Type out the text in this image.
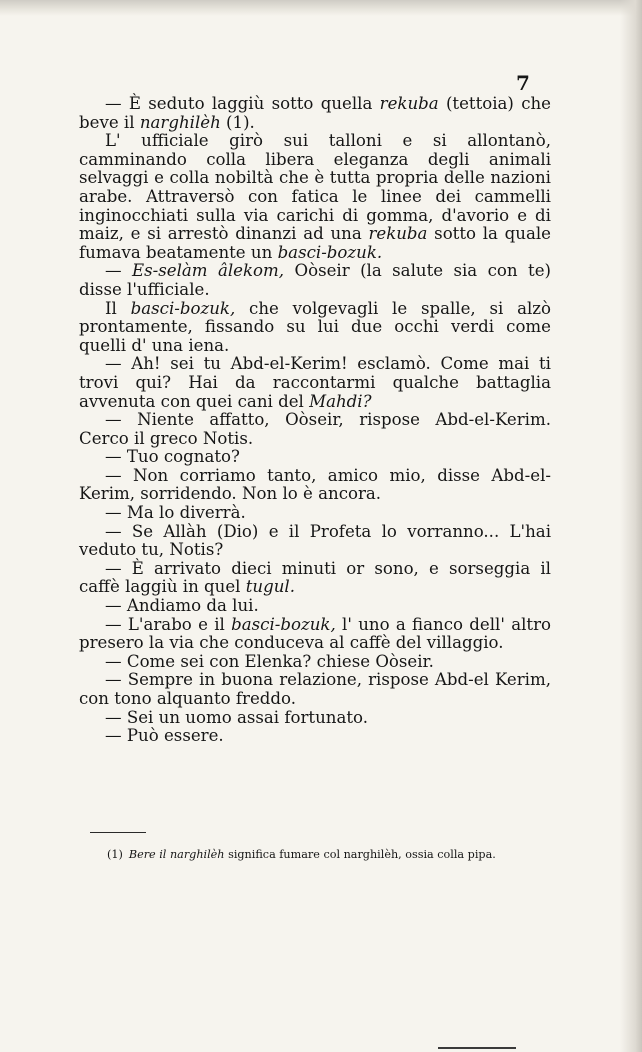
7

— È seduto laggiù sotto quella rekuba (tettoia) che beve il narghilèh (1).

L' ufficiale girò sui talloni e si allontanò, camminando colla libera eleganza degli animali selvaggi e colla nobiltà che è tutta propria delle nazioni arabe. Attraversò con fatica le linee dei cammelli inginocchiati sulla via carichi di gomma, d'avorio e di maiz, e si arrestò dinanzi ad una rekuba sotto la quale fumava beatamente un basci-bozuk.

— Es-selàm âlekom, Oòseir (la salute sia con te) disse l'ufficiale.

Il basci-bozuk, che volgevagli le spalle, si alzò prontamente, fissando su lui due occhi verdi come quelli d' una iena.

— Ah! sei tu Abd-el-Kerim! esclamò. Come mai ti trovi qui? Hai da raccontarmi qualche battaglia avvenuta con quei cani del Mahdi?

— Niente affatto, Oòseir, rispose Abd-el-Kerim. Cerco il greco Notis.

— Tuo cognato?

— Non corriamo tanto, amico mio, disse Abd-el-Kerim, sorridendo. Non lo è ancora.

— Ma lo diverrà.

— Se Allàh (Dio) e il Profeta lo vorranno... L'hai veduto tu, Notis?

— È arrivato dieci minuti or sono, e sorseggia il caffè laggiù in quel tugul.

— Andiamo da lui.

— L'arabo e il basci-bozuk, l' uno a fianco dell' altro presero la via che conduceva al caffè del villaggio.

— Come sei con Elenka? chiese Oòseir.

— Sempre in buona relazione, rispose Abd-el Kerim, con tono alquanto freddo.

— Sei un uomo assai fortunato.

— Può essere.

(1) Bere il narghilèh significa fumare col narghilèh, ossia colla pipa.
